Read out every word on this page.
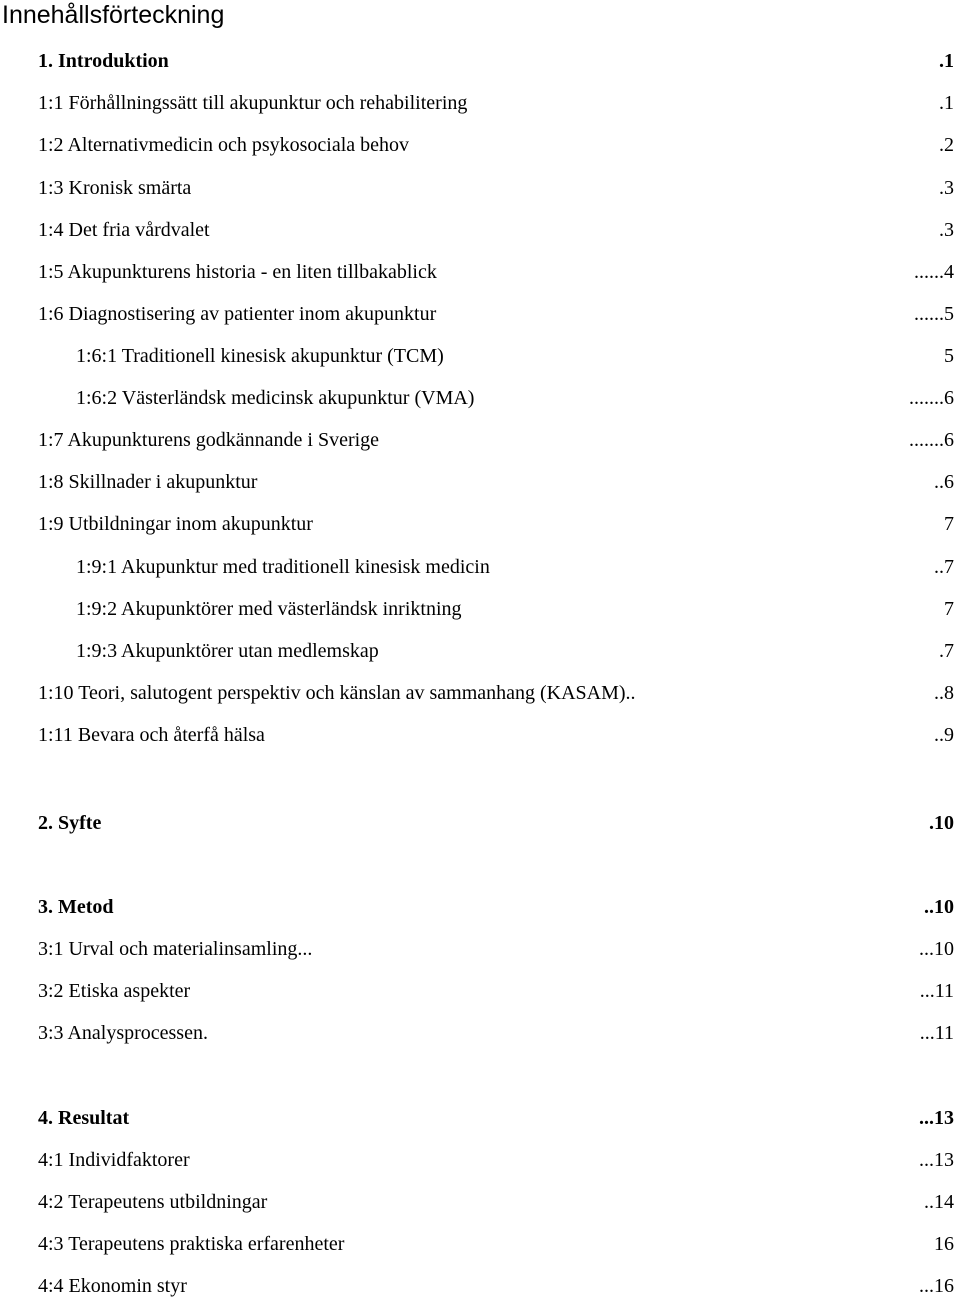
Innehållsförteckning
1. Introduktion	.1
1:1 Förhållningssätt till akupunktur och rehabilitering	.1
1:2 Alternativmedicin och psykosociala behov	.2
1:3 Kronisk smärta	.3
1:4 Det fria vårdvalet	.3
1:5 Akupunkturens historia - en liten tillbakablick	......4
1:6 Diagnostisering av patienter inom akupunktur	......5
1:6:1 Traditionell kinesisk akupunktur (TCM)	5
1:6:2 Västerländsk medicinsk akupunktur (VMA)	.......6
1:7 Akupunkturens godkännande i Sverige	.......6
1:8 Skillnader i akupunktur	..6
1:9 Utbildningar inom akupunktur	7
1:9:1 Akupunktur med traditionell kinesisk medicin	..7
1:9:2 Akupunktörer med västerländsk inriktning	7
1:9:3 Akupunktörer utan medlemskap	.7
1:10 Teori, salutogent perspektiv och känslan av sammanhang (KASAM)..	..8
1:11 Bevara och återfå hälsa	..9
2. Syfte	.10
3. Metod	..10
3:1 Urval och materialinsamling...	...10
3:2 Etiska aspekter	...11
3:3 Analysprocessen.	...11
4. Resultat	...13
4:1 Individfaktorer	...13
4:2 Terapeutens utbildningar	..14
4:3 Terapeutens praktiska erfarenheter	16
4:4 Ekonomin styr	...16
